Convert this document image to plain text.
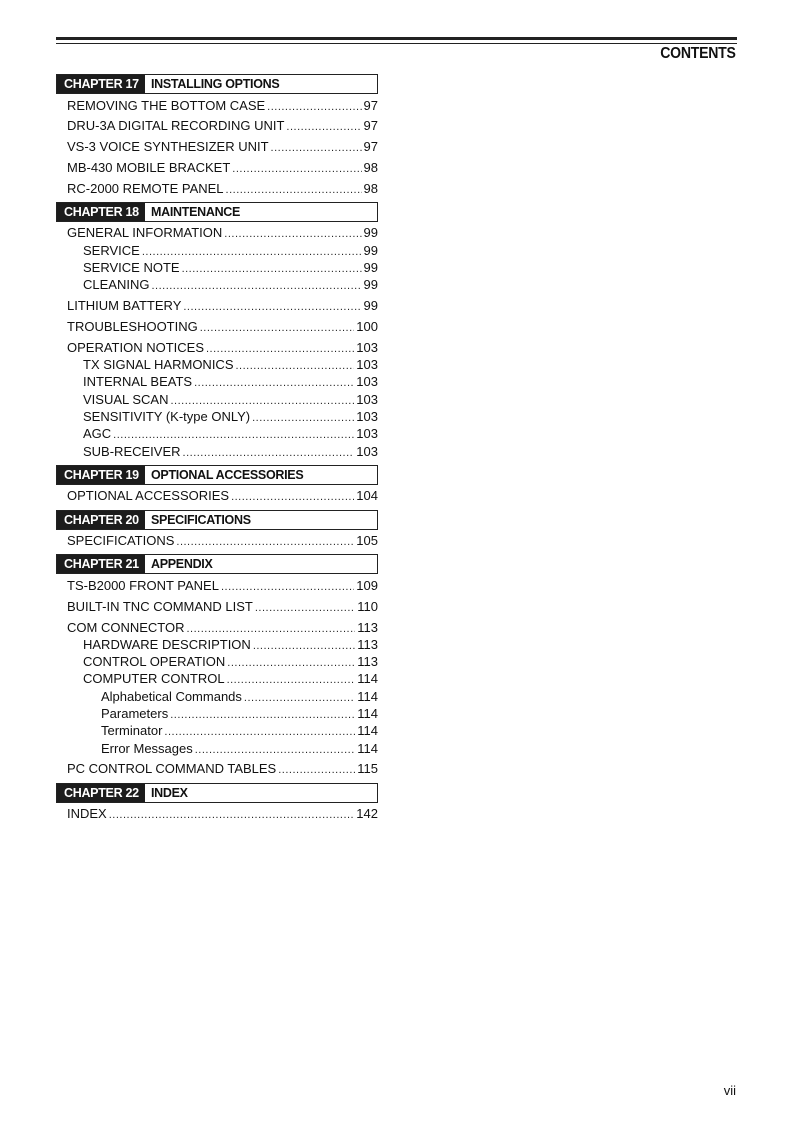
CONTENTS
CHAPTER 17 INSTALLING OPTIONS
REMOVING THE BOTTOM CASE .....	97
DRU-3A DIGITAL RECORDING UNIT .....	97
VS-3 VOICE SYNTHESIZER UNIT .....	97
MB-430 MOBILE BRACKET .....	98
RC-2000 REMOTE PANEL .....	98
CHAPTER 18 MAINTENANCE
GENERAL INFORMATION .....	99
SERVICE .....	99
SERVICE NOTE .....	99
CLEANING .....	99
LITHIUM BATTERY .....	99
TROUBLESHOOTING .....	100
OPERATION NOTICES .....	103
TX SIGNAL HARMONICS .....	103
INTERNAL BEATS .....	103
VISUAL SCAN .....	103
SENSITIVITY (K-type ONLY) .....	103
AGC .....	103
SUB-RECEIVER .....	103
CHAPTER 19 OPTIONAL ACCESSORIES
OPTIONAL ACCESSORIES .....	104
CHAPTER 20 SPECIFICATIONS
SPECIFICATIONS .....	105
CHAPTER 21 APPENDIX
TS-B2000 FRONT PANEL .....	109
BUILT-IN TNC COMMAND LIST .....	110
COM CONNECTOR .....	113
HARDWARE DESCRIPTION .....	113
CONTROL OPERATION .....	113
COMPUTER CONTROL .....	114
Alphabetical Commands .....	114
Parameters .....	114
Terminator .....	114
Error Messages .....	114
PC CONTROL COMMAND TABLES .....	115
CHAPTER 22 INDEX
INDEX .....	142
vii
